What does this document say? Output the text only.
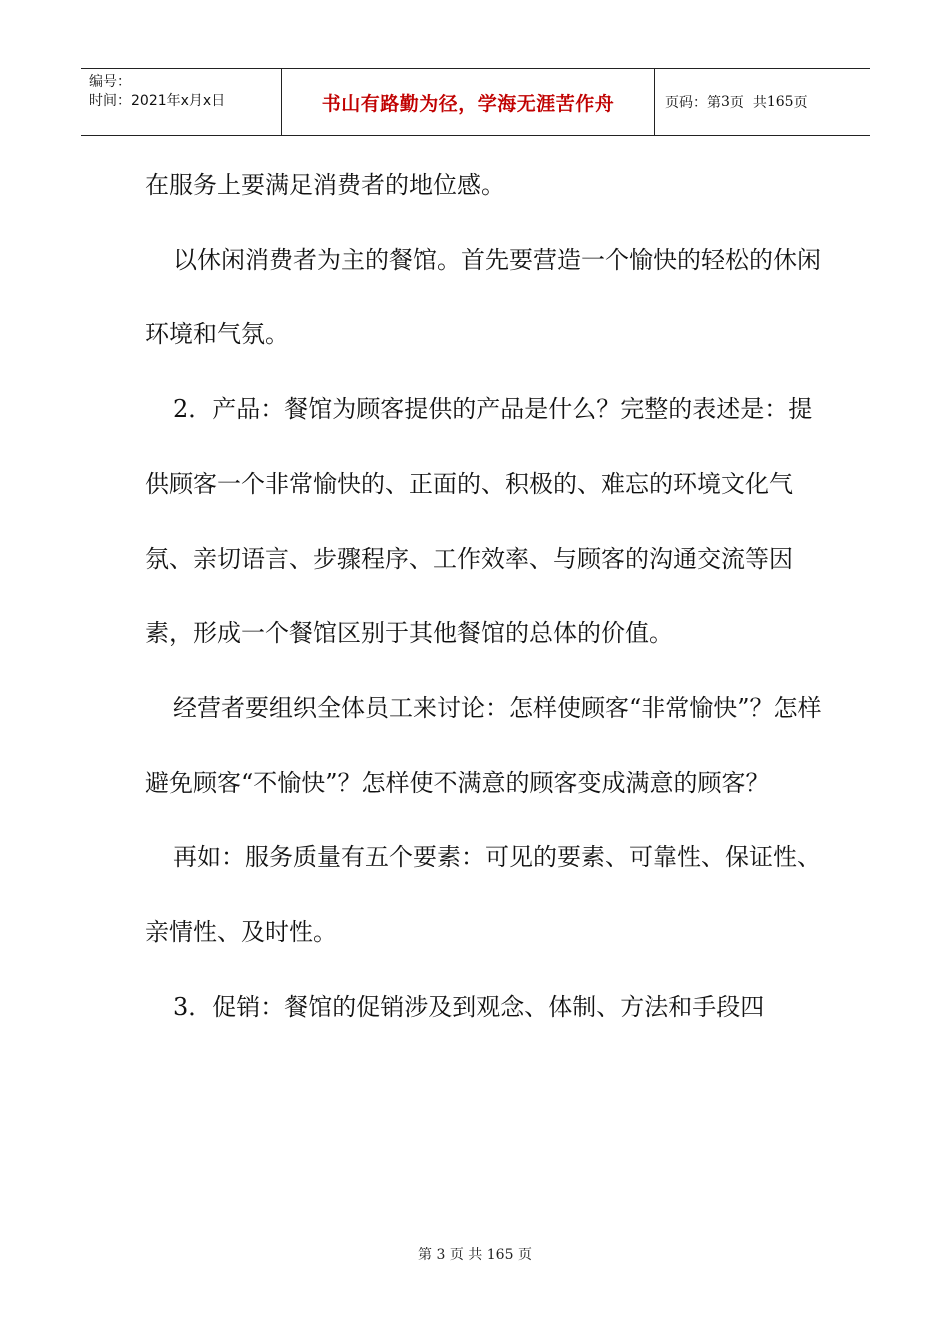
编号：
时间：2021年x月x日	书山有路勤为径，学海无涯苦作舟	页码：第 3 页  共 165 页

在服务上要满足消费者的地位感。

以休闲消费者为主的餐馆。首先要营造一个愉快的轻松的休闲环境和气氛。

2．产品：餐馆为顾客提供的产品是什么？完整的表述是：提供顾客一个非常愉快的、正面的、积极的、难忘的环境文化气氛、亲切语言、步骤程序、工作效率、与顾客的沟通交流等因素，形成一个餐馆区别于其他餐馆的总体的价值。

经营者要组织全体员工来讨论：怎样使顾客“非常愉快”？怎样避免顾客“不愉快”？怎样使不满意的顾客变成满意的顾客？

再如：服务质量有五个要素：可见的要素、可靠性、保证性、亲情性、及时性。

3．促销：餐馆的促销涉及到观念、体制、方法和手段四

第 3 页 共 165 页
